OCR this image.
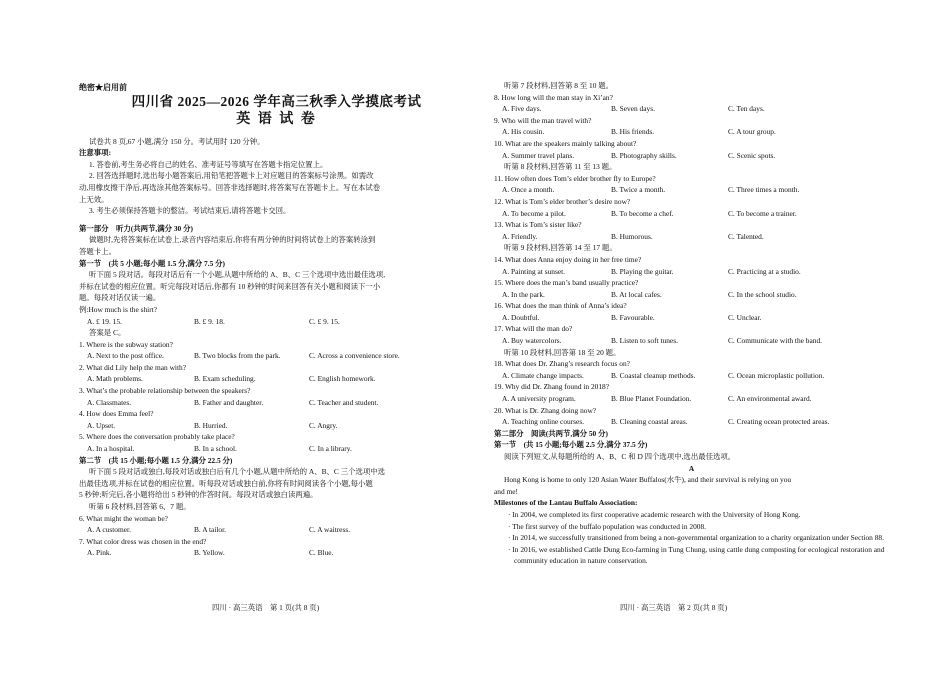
绝密★启用前
四川省 2025—2026 学年高三秋季入学摸底考试
英 语 试 卷
试卷共 8 页,67 小题,满分 150 分。考试用时 120 分钟。
注意事项:
1. 答卷前,考生务必将自己的姓名、准考证号等填写在答题卡指定位置上。
2. 回答选择题时,选出每小题答案后,用铅笔把答题卡上对应题目的答案标号涂黑。如需改
动,用橡皮擦干净后,再选涂其他答案标号。回答非选择题时,将答案写在答题卡上。写在本试卷
上无效。
3. 考生必须保持答题卡的整洁。考试结束后,请将答题卡交回。
第一部分　听力(共两节,满分 30 分)
做题时,先将答案标在试卷上,录音内容结束后,你将有两分钟的时间将试卷上的答案转涂到
答题卡上。
第一节　(共 5 小题;每小题 1.5 分,满分 7.5 分)
听下面 5 段对话。每段对话后有一个小题,从题中所给的 A、B、C 三个选项中选出最佳选项,
并标在试卷的相应位置。听完每段对话后,你都有 10 秒钟的时间来回答有关小题和阅读下一小
题。每段对话仅读一遍。
例:How much is the shirt?
A. £ 19. 15.	B. £ 9. 18.	C. £ 9. 15.
答案是 C。
1. Where is the subway station?
A. Next to the post office.	B. Two blocks from the park.	C. Across a convenience store.
2. What did Lily help the man with?
A. Math problems.	B. Exam scheduling.	C. English homework.
3. What’s the probable relationship between the speakers?
A. Classmates.	B. Father and daughter.	C. Teacher and student.
4. How does Emma feel?
A. Upset.	B. Hurried.	C. Angry.
5. Where does the conversation probably take place?
A. In a hospital.	B. In a school.	C. In a library.
第二节　(共 15 小题;每小题 1.5 分,满分 22.5 分)
听下面 5 段对话或独白,每段对话或独白后有几个小题,从题中所给的 A、B、C 三个选项中选
出最佳选项,并标在试卷的相应位置。听每段对话或独白前,你将有时间阅读各个小题,每小题
5 秒钟;听完后,各小题将给出 5 秒钟的作答时间。每段对话或独白读两遍。
听第 6 段材料,回答第 6、7 题。
6. What might the woman be?
A. A customer.	B. A tailor.	C. A waitress.
7. What color dress was chosen in the end?
A. Pink.	B. Yellow.	C. Blue.
听第 7 段材料,回答第 8 至 10 题。
8. How long will the man stay in Xi’an?
A. Five days.	B. Seven days.	C. Ten days.
9. Who will the man travel with?
A. His cousin.	B. His friends.	C. A tour group.
10. What are the speakers mainly talking about?
A. Summer travel plans.	B. Photography skills.	C. Scenic spots.
听第 8 段材料,回答第 11 至 13 题。
11. How often does Tom’s elder brother fly to Europe?
A. Once a month.	B. Twice a month.	C. Three times a month.
12. What is Tom’s elder brother’s desire now?
A. To become a pilot.	B. To become a chef.	C. To become a trainer.
13. What is Tom’s sister like?
A. Friendly.	B. Humorous.	C. Talented.
听第 9 段材料,回答第 14 至 17 题。
14. What does Anna enjoy doing in her free time?
A. Painting at sunset.	B. Playing the guitar.	C. Practicing at a studio.
15. Where does the man’s band usually practice?
A. In the park.	B. At local cafes.	C. In the school studio.
16. What does the man think of Anna’s idea?
A. Doubtful.	B. Favourable.	C. Unclear.
17. What will the man do?
A. Buy watercolors.	B. Listen to soft tunes.	C. Communicate with the band.
听第 10 段材料,回答第 18 至 20 题。
18. What does Dr. Zhang’s research focus on?
A. Climate change impacts.	B. Coastal cleanup methods.	C. Ocean microplastic pollution.
19. Why did Dr. Zhang found in 2018?
A. A university program.	B. Blue Planet Foundation.	C. An environmental award.
20. What is Dr. Zhang doing now?
A. Teaching online courses.	B. Cleaning coastal areas.	C. Creating ocean protected areas.
第二部分　阅读(共两节,满分 50 分)
第一节　(共 15 小题;每小题 2.5 分,满分 37.5 分)
阅读下列短文,从每题所给的 A、B、C 和 D 四个选项中,选出最佳选项。
A
Hong Kong is home to only 120 Asian Water Buffalos(水牛), and their survival is relying on you
and me!
Milestones of the Lantau Buffalo Association:
· In 2004, we completed its first cooperative academic research with the University of Hong Kong.
· The first survey of the buffalo population was conducted in 2008.
· In 2014, we successfully transitioned from being a non-governmental organization to a charity organization under Section 88.
· In 2016, we established Cattle Dung Eco-farming in Tung Chung, using cattle dung composting for ecological restoration and community education in nature conservation.
四川 · 高三英语　第 1 页(共 8 页)	四川 · 高三英语　第 2 页(共 8 页)
